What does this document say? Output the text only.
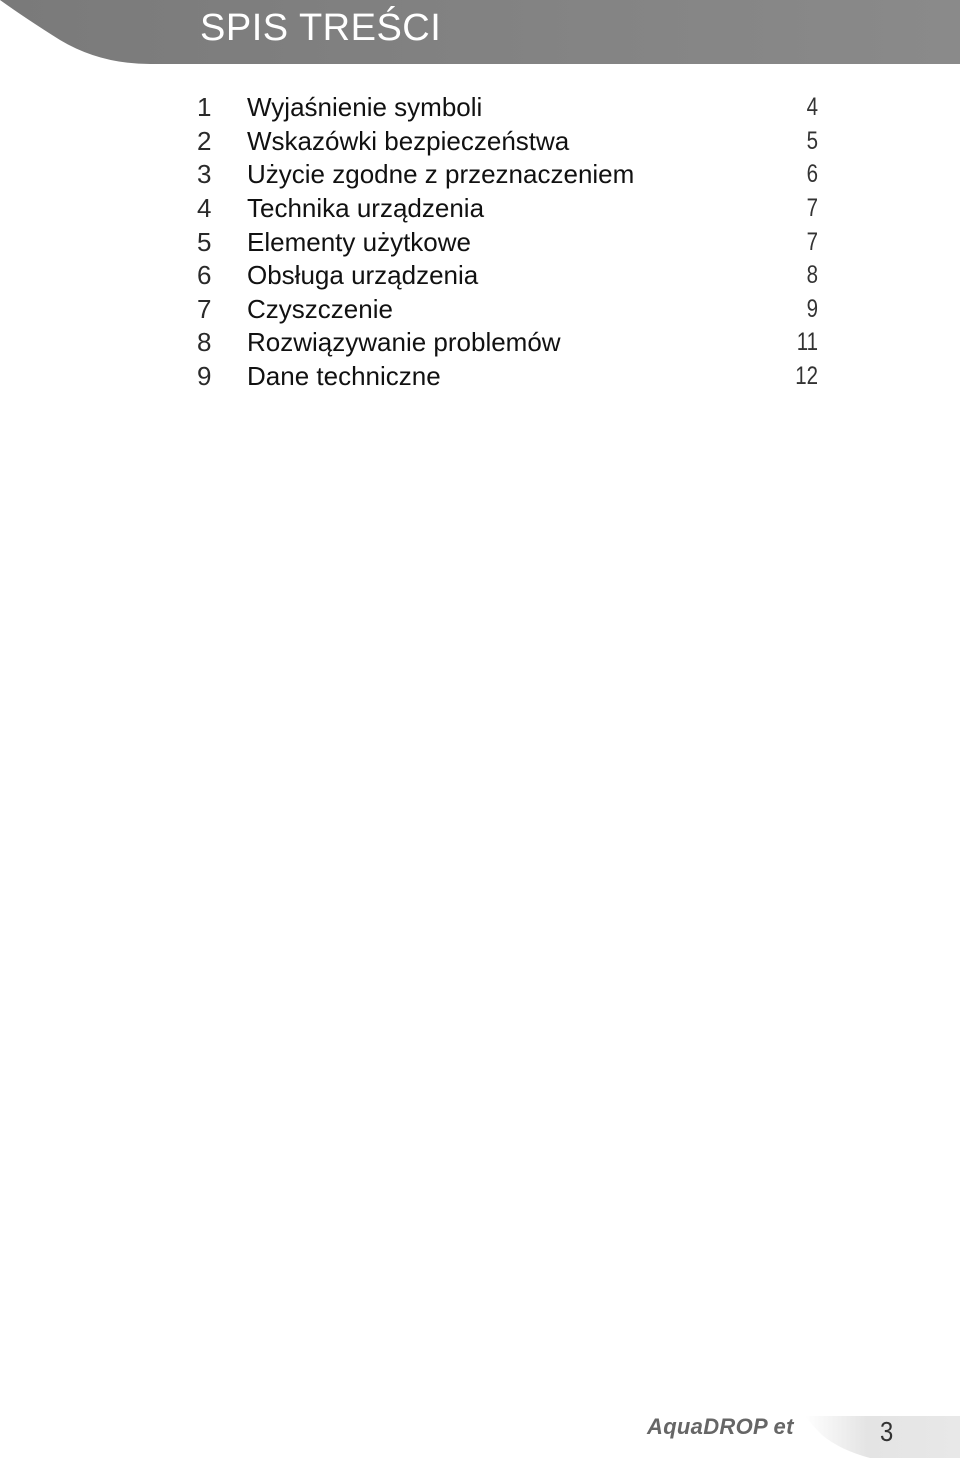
SPIS TREŚCI
1	Wyjaśnienie symboli	4
2	Wskazówki bezpieczeństwa	5
3	Użycie zgodne z przeznaczeniem	6
4	Technika urządzenia	7
5	Elementy użytkowe	7
6	Obsługa urządzenia	8
7	Czyszczenie	9
8	Rozwiązywanie problemów	11
9	Dane techniczne	12
AquaDROP et	3
